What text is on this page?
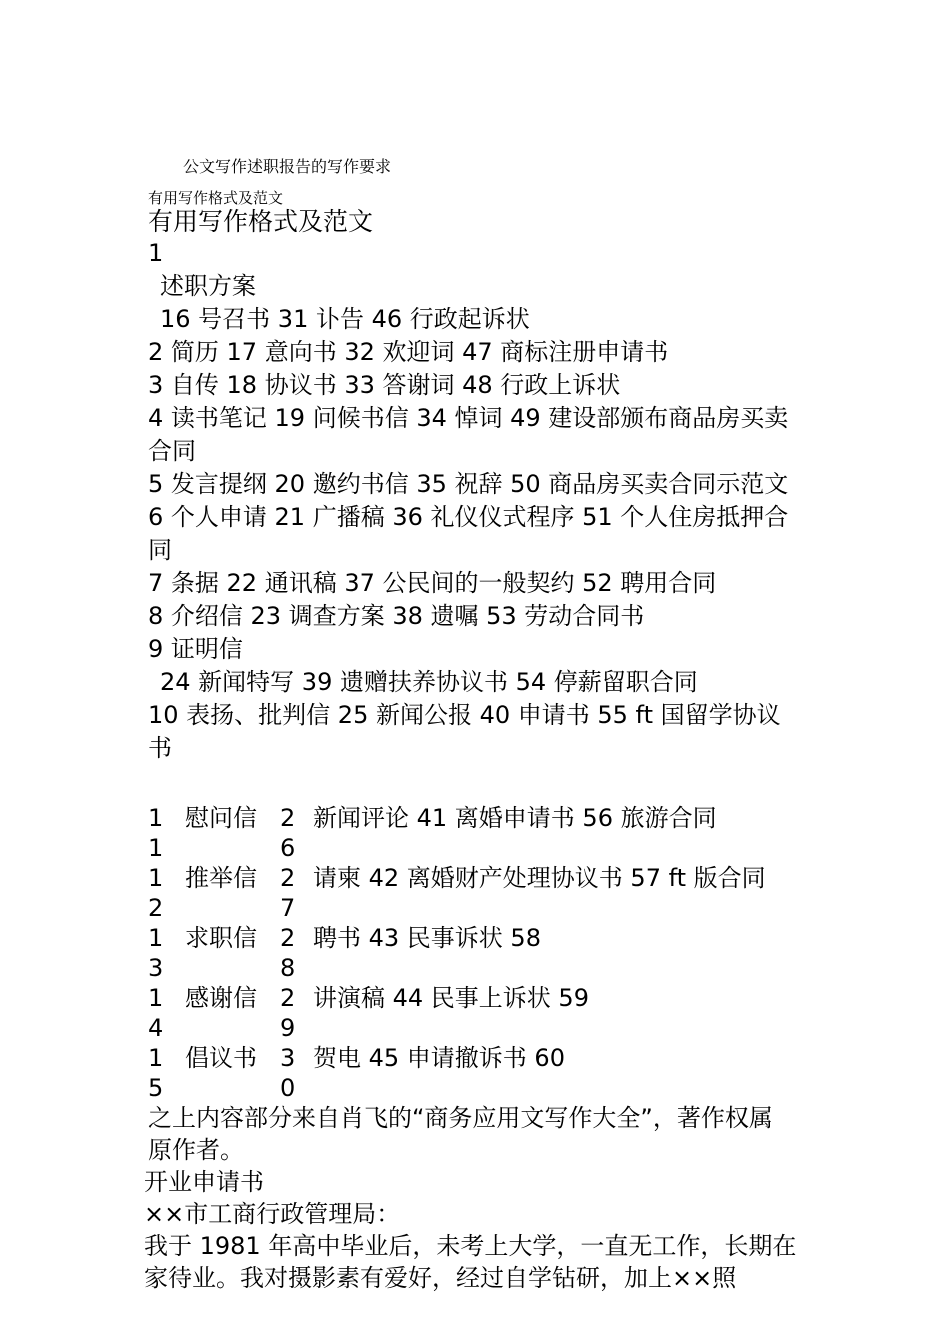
公文写作述职报告的写作要求
有用写作格式及范文
有用写作格式及范文
1
述职方案
16 号召书 31 讣告 46 行政起诉状
2 简历 17 意向书 32 欢迎词 47 商标注册申请书
3 自传 18 协议书 33 答谢词 48 行政上诉状
4 读书笔记 19 问候书信 34 悼词 49 建设部颁布商品房买卖合同
5 发言提纲 20 邀约书信 35 祝辞 50 商品房买卖合同示范文
6 个人申请 21 广播稿 36 礼仪仪式程序 51 个人住房抵押合同
7 条据 22 通讯稿 37 公民间的一般契约 52 聘用合同
8 介绍信 23 调查方案 38 遗嘱 53 劳动合同书
9 证明信
24 新闻特写 39 遗赠扶养协议书 54 停薪留职合同
10 表扬、批判信 25 新闻公报 40 申请书 55 ft 国留学协议书
11
慰问信 26
新闻评论 41 离婚申请书 56 旅游合同
12
推举信 27
请柬 42 离婚财产处理协议书 57 ft 版合同
13
求职信 28
聘书 43 民事诉状 58
14
感谢信 29
讲演稿 44 民事上诉状 59
15
倡议书 30
贺电 45 申请撤诉书 60
之上内容部分来自肖飞的“商务应用文写作大全”，著作权属原作者。
开业申请书
××市工商行政管理局：
我于 1981 年高中毕业后，未考上大学，一直无工作，长期在家待业。我对摄影素有爱好，经过自学钻研，加上××照
